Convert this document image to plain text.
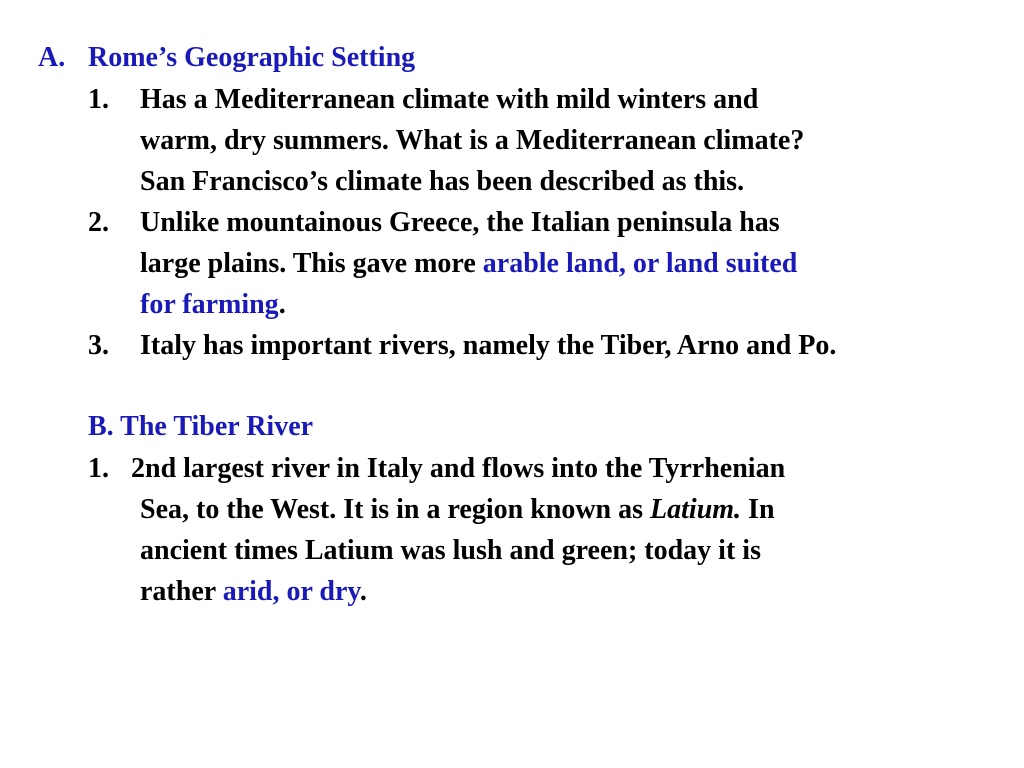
A. Rome’s Geographic Setting
1. Has a Mediterranean climate with mild winters and
warm, dry summers. What is a Mediterranean climate?
San Francisco’s climate has been described as this.
2. Unlike mountainous Greece, the Italian peninsula has
large plains. This gave more arable land, or land suited
for farming.
3. Italy has important rivers, namely the Tiber, Arno and Po.
B. The Tiber River
1. 2nd largest river in Italy and flows into the Tyrrhenian
Sea, to the West. It is in a region known as Latium. In
ancient times Latium was lush and green; today it is
rather arid, or dry.
